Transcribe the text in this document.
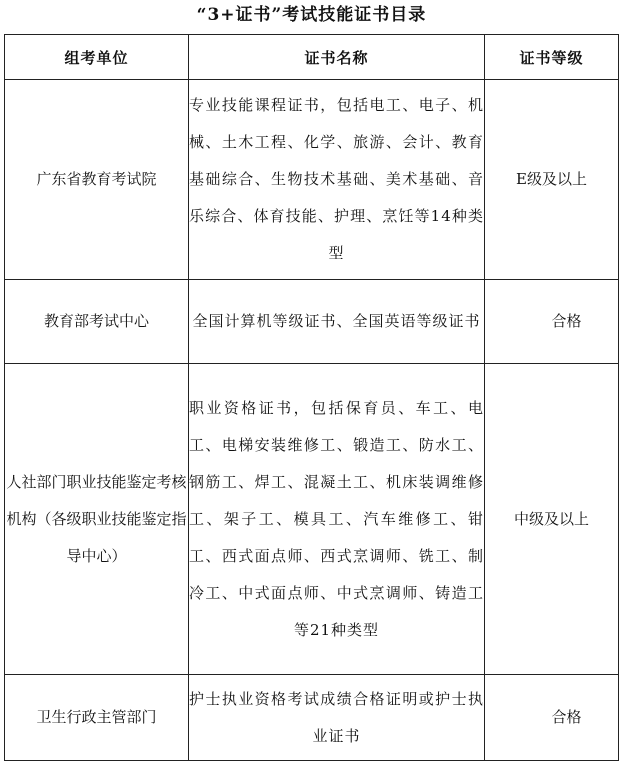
“3+证书”考试技能证书目录
组考单位	证书名称	证书等级
广东省教育考试院	专业技能课程证书，包括电工、电子、机械、土木工程、化学、旅游、会计、教育基础综合、生物技术基础、美术基础、音乐综合、体育技能、护理、烹饪等14种类型	E级及以上
教育部考试中心	全国计算机等级证书、全国英语等级证书	合格
人社部门职业技能鉴定考核机构（各级职业技能鉴定指导中心）	职业资格证书，包括保育员、车工、电工、电梯安装维修工、锻造工、防水工、钢筋工、焊工、混凝土工、机床装调维修工、架子工、模具工、汽车维修工、钳工、西式面点师、西式烹调师、铣工、制冷工、中式面点师、中式烹调师、铸造工等21种类型	中级及以上
卫生行政主管部门	护士执业资格考试成绩合格证明或护士执业证书	合格
